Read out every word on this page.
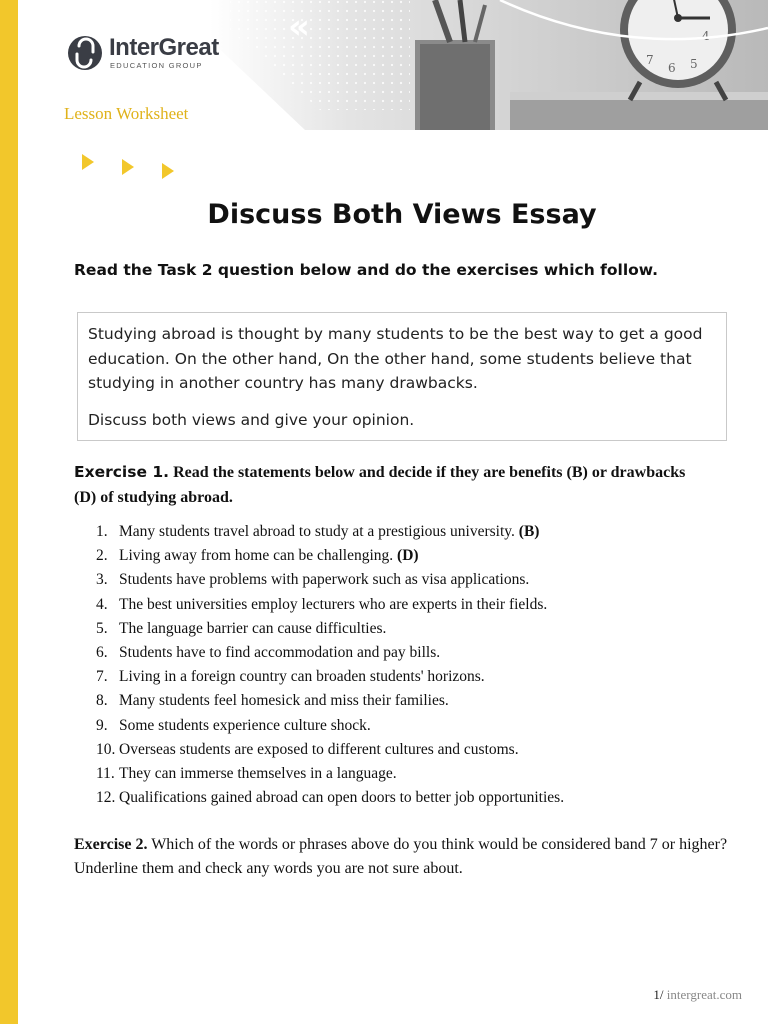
4
5
6
7
«
InterGreat
EDUCATION GROUP
Lesson Worksheet
Discuss Both Views Essay
Read the Task 2 question below and do the exercises which follow.

Studying abroad is thought by many students to be the best way to get a good education. On the other hand, On the other hand, some students believe that studying in another country has many drawbacks.

Discuss both views and give your opinion.

Exercise 1. Read the statements below and decide if they are benefits (B) or drawbacks (D) of studying abroad.
1. Many students travel abroad to study at a prestigious university. (B)
2. Living away from home can be challenging. (D)
3. Students have problems with paperwork such as visa applications.
4. The best universities employ lecturers who are experts in their fields.
5. The language barrier can cause difficulties.
6. Students have to find accommodation and pay bills.
7. Living in a foreign country can broaden students' horizons.
8. Many students feel homesick and miss their families.
9. Some students experience culture shock.
10. Overseas students are exposed to different cultures and customs.
11. They can immerse themselves in a language.
12. Qualifications gained abroad can open doors to better job opportunities.
Exercise 2. Which of the words or phrases above do you think would be considered band 7 or higher? Underline them and check any words you are not sure about.
1/ intergreat.com
